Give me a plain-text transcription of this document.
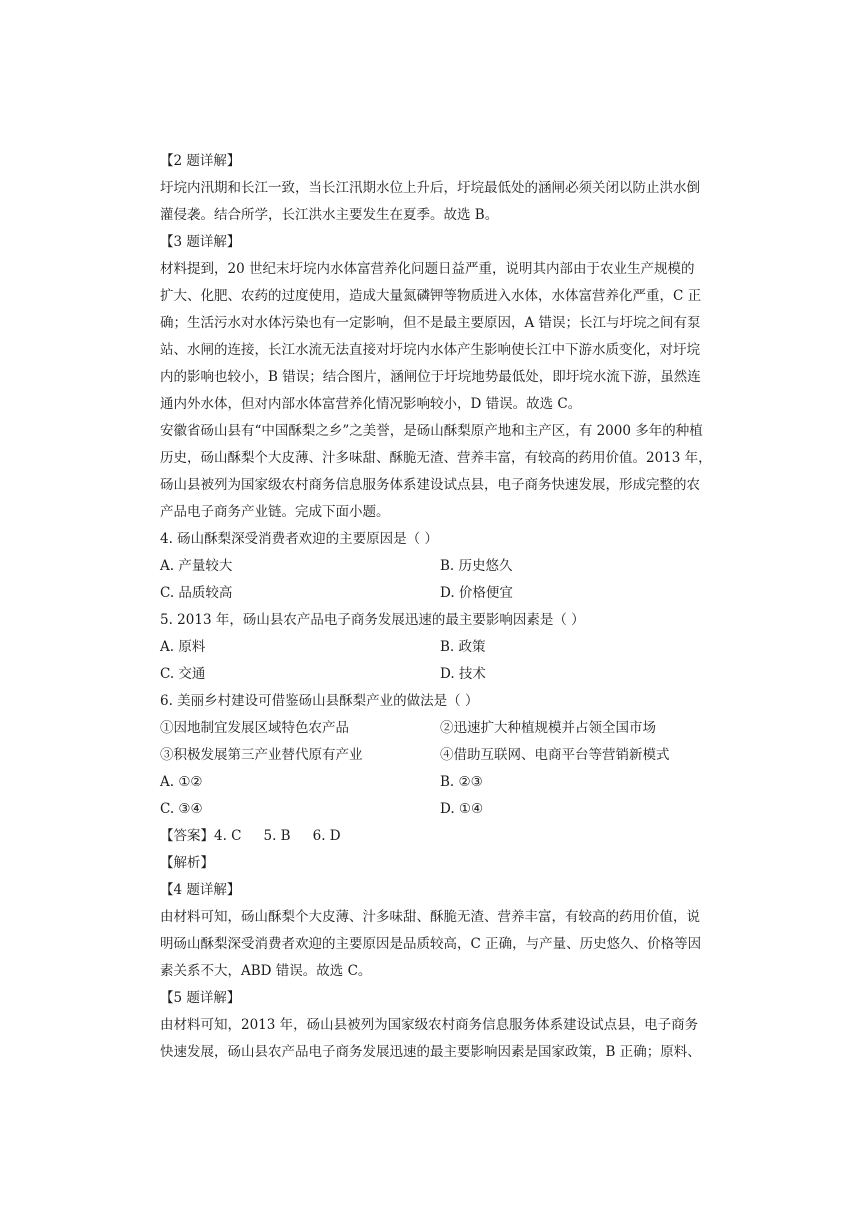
【2 题详解】
圩垸内汛期和长江一致，当长江汛期水位上升后，圩垸最低处的涵闸必须关闭以防止洪水倒
灌侵袭。结合所学，长江洪水主要发生在夏季。故选 B。
【3 题详解】
材料提到，20 世纪末圩垸内水体富营养化问题日益严重，说明其内部由于农业生产规模的
扩大、化肥、农药的过度使用，造成大量氮磷钾等物质进入水体，水体富营养化严重，C 正
确；生活污水对水体污染也有一定影响，但不是最主要原因，A 错误；长江与圩垸之间有泵
站、水闸的连接，长江水流无法直接对圩垸内水体产生影响使长江中下游水质变化，对圩垸
内的影响也较小，B 错误；结合图片，涵闸位于圩垸地势最低处，即圩垸水流下游，虽然连
通内外水体，但对内部水体富营养化情况影响较小，D 错误。故选 C。
安徽省砀山县有“中国酥梨之乡”之美誉，是砀山酥梨原产地和主产区，有 2000 多年的种植
历史，砀山酥梨个大皮薄、汁多味甜、酥脆无渣、营养丰富，有较高的药用价值。2013 年，
砀山县被列为国家级农村商务信息服务体系建设试点县，电子商务快速发展，形成完整的农
产品电子商务产业链。完成下面小题。
4. 砀山酥梨深受消费者欢迎的主要原因是（ ）
A. 产量较大	B. 历史悠久
C. 品质较高	D. 价格便宜
5. 2013 年，砀山县农产品电子商务发展迅速的最主要影响因素是（ ）
A. 原料	B. 政策
C. 交通	D. 技术
6. 美丽乡村建设可借鉴砀山县酥梨产业的做法是（ ）
①因地制宜发展区域特色农产品	②迅速扩大种植规模并占领全国市场
③积极发展第三产业替代原有产业	④借助互联网、电商平台等营销新模式
A. ①②	B. ②③
C. ③④	D. ①④
【答案】4. C 5. B 6. D
【解析】
【4 题详解】
由材料可知，砀山酥梨个大皮薄、汁多味甜、酥脆无渣、营养丰富，有较高的药用价值，说
明砀山酥梨深受消费者欢迎的主要原因是品质较高，C 正确，与产量、历史悠久、价格等因
素关系不大，ABD 错误。故选 C。
【5 题详解】
由材料可知，2013 年，砀山县被列为国家级农村商务信息服务体系建设试点县，电子商务
快速发展，砀山县农产品电子商务发展迅速的最主要影响因素是国家政策，B 正确；原料、
